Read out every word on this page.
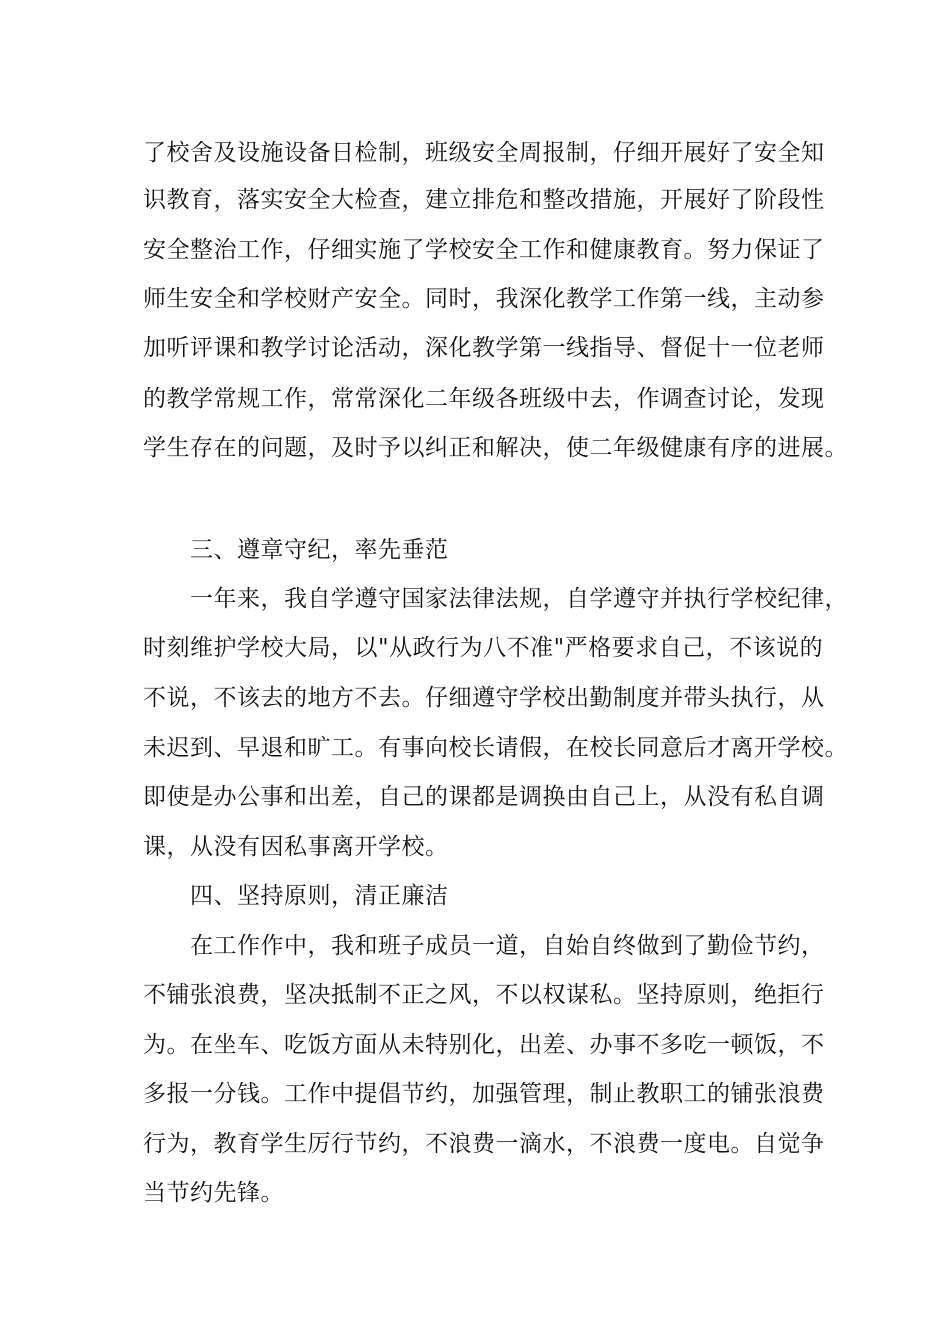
了校舍及设施设备日检制，班级安全周报制，仔细开展好了安全知
识教育，落实安全大检查，建立排危和整改措施，开展好了阶段性
安全整治工作，仔细实施了学校安全工作和健康教育。努力保证了
师生安全和学校财产安全。同时，我深化教学工作第一线，主动参
加听评课和教学讨论活动，深化教学第一线指导、督促十一位老师
的教学常规工作，常常深化二年级各班级中去，作调查讨论，发现
学生存在的问题，及时予以纠正和解决，使二年级健康有序的进展。
三、遵章守纪，率先垂范
一年来，我自学遵守国家法律法规，自学遵守并执行学校纪律，
时刻维护学校大局，以"从政行为八不准"严格要求自己，不该说的
不说，不该去的地方不去。仔细遵守学校出勤制度并带头执行，从
未迟到、早退和旷工。有事向校长请假，在校长同意后才离开学校。
即使是办公事和出差，自己的课都是调换由自己上，从没有私自调
课，从没有因私事离开学校。
四、坚持原则，清正廉洁
在工作作中，我和班子成员一道，自始自终做到了勤俭节约，
不铺张浪费，坚决抵制不正之风，不以权谋私。坚持原则，绝拒行
为。在坐车、吃饭方面从未特别化，出差、办事不多吃一顿饭，不
多报一分钱。工作中提倡节约，加强管理，制止教职工的铺张浪费
行为，教育学生厉行节约，不浪费一滴水，不浪费一度电。自觉争
当节约先锋。
